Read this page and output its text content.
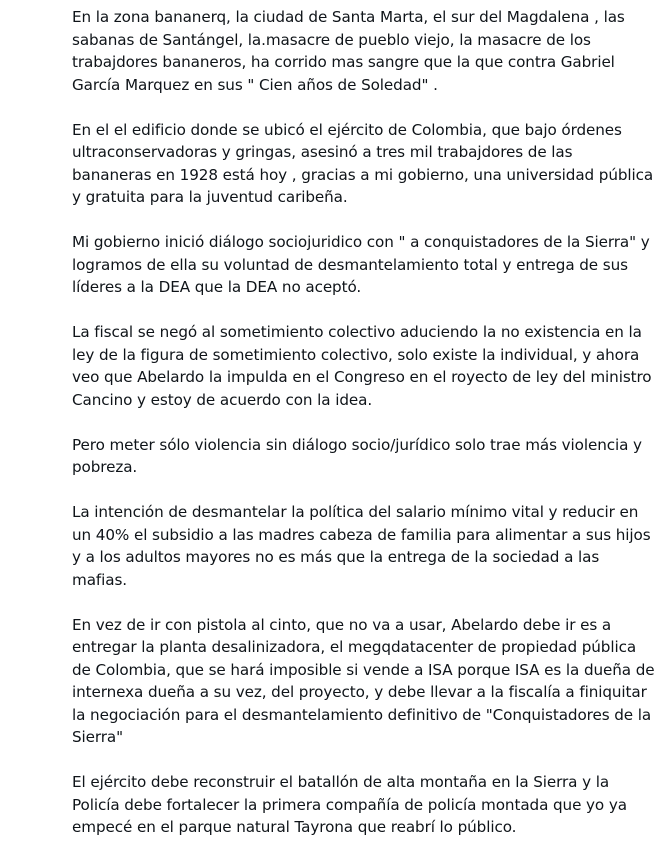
En la zona bananerq, la ciudad de Santa Marta, el sur del Magdalena , las sabanas de Santángel, la.masacre de pueblo viejo, la masacre de los trabajdores bananeros, ha corrido mas sangre que la que contra Gabriel García Marquez en sus " Cien años de Soledad" .

En el el edificio donde se ubicó el ejército de Colombia, que bajo órdenes ultraconservadoras y gringas, asesinó a tres mil trabajdores de las bananeras en 1928 está hoy , gracias a mi gobierno, una universidad pública y gratuita para la juventud caribeña.

Mi gobierno inició diálogo sociojuridico con " a conquistadores de la Sierra" y logramos de ella su voluntad de desmantelamiento total y entrega de sus líderes a la DEA que la DEA no aceptó.

La fiscal se negó al sometimiento colectivo aduciendo la no existencia en la ley de la figura de sometimiento colectivo, solo existe la individual, y ahora veo que Abelardo la impulda en el Congreso en el royecto de ley del ministro Cancino y estoy de acuerdo con la idea.

Pero meter sólo violencia sin diálogo socio/jurídico solo trae más violencia y pobreza.

La intención de desmantelar la política del salario mínimo vital y reducir en un 40% el subsidio a las madres cabeza de familia para alimentar a sus hijos y a los adultos mayores no es más que la entrega de la sociedad a las mafias.

En vez de ir con pistola al cinto, que no va a usar, Abelardo debe ir es a entregar la planta desalinizadora, el megqdatacenter de propiedad pública de Colombia, que se hará imposible si vende a ISA porque ISA es la dueña de internexa dueña a su vez, del proyecto, y debe llevar a la fiscalía a finiquitar la negociación para el desmantelamiento definitivo de "Conquistadores de la Sierra"

El ejército debe reconstruir el batallón de alta montaña en la Sierra y la Policía debe fortalecer la primera compañía de policía montada que yo ya empecé en el parque natural Tayrona que reabrí lo público.
